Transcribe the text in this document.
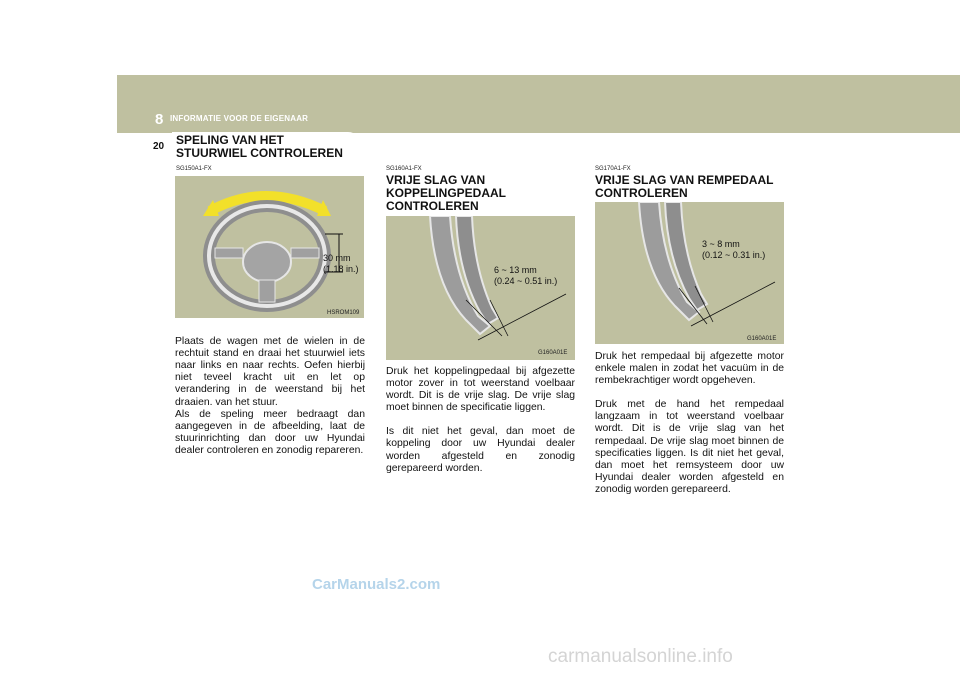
8 INFORMATIE VOOR DE EIGENAAR
20 SPELING VAN HET
STUURWIEL CONTROLEREN
SG150A1-FX
30 mm
(1.18 in.)
HSROM109

Plaats de wagen met de wielen in de rechtuit stand en draai het stuurwiel iets naar links en naar rechts. Oefen hierbij niet teveel kracht uit en let op verandering in de weerstand bij het draaien. van het stuur.
Als de speling meer bedraagt dan aangegeven in de afbeelding, laat de stuurinrichting dan door uw Hyundai dealer controleren en zonodig repareren.

SG160A1-FX
VRIJE SLAG VAN KOPPELINGPEDAAL CONTROLEREN
6 ~ 13 mm
(0.24 ~ 0.51 in.)
G160A01E

Druk het koppelingpedaal bij afgezette motor zover in tot weerstand voelbaar wordt. Dit is de vrije slag. De vrije slag moet binnen de specificatie liggen.

Is dit niet het geval, dan moet de koppeling door uw Hyundai dealer worden afgesteld en zonodig gerepareerd worden.

SG170A1-FX
VRIJE SLAG VAN REMPEDAAL CONTROLEREN
3 ~ 8 mm
(0.12 ~ 0.31 in.)
G160A01E

Druk het rempedaal bij afgezette motor enkele malen in zodat het vacuüm in de rembekrachtiger wordt opgeheven.

Druk met de hand het rempedaal langzaam in tot weerstand voelbaar wordt. Dit is de vrije slag van het rempedaal. De vrije slag moet binnen de specificaties liggen. Is dit niet het geval, dan moet het remsysteem door uw Hyundai dealer worden afgesteld en zonodig worden gerepareerd.

CarManuals2.com
carmanualsonline.info
